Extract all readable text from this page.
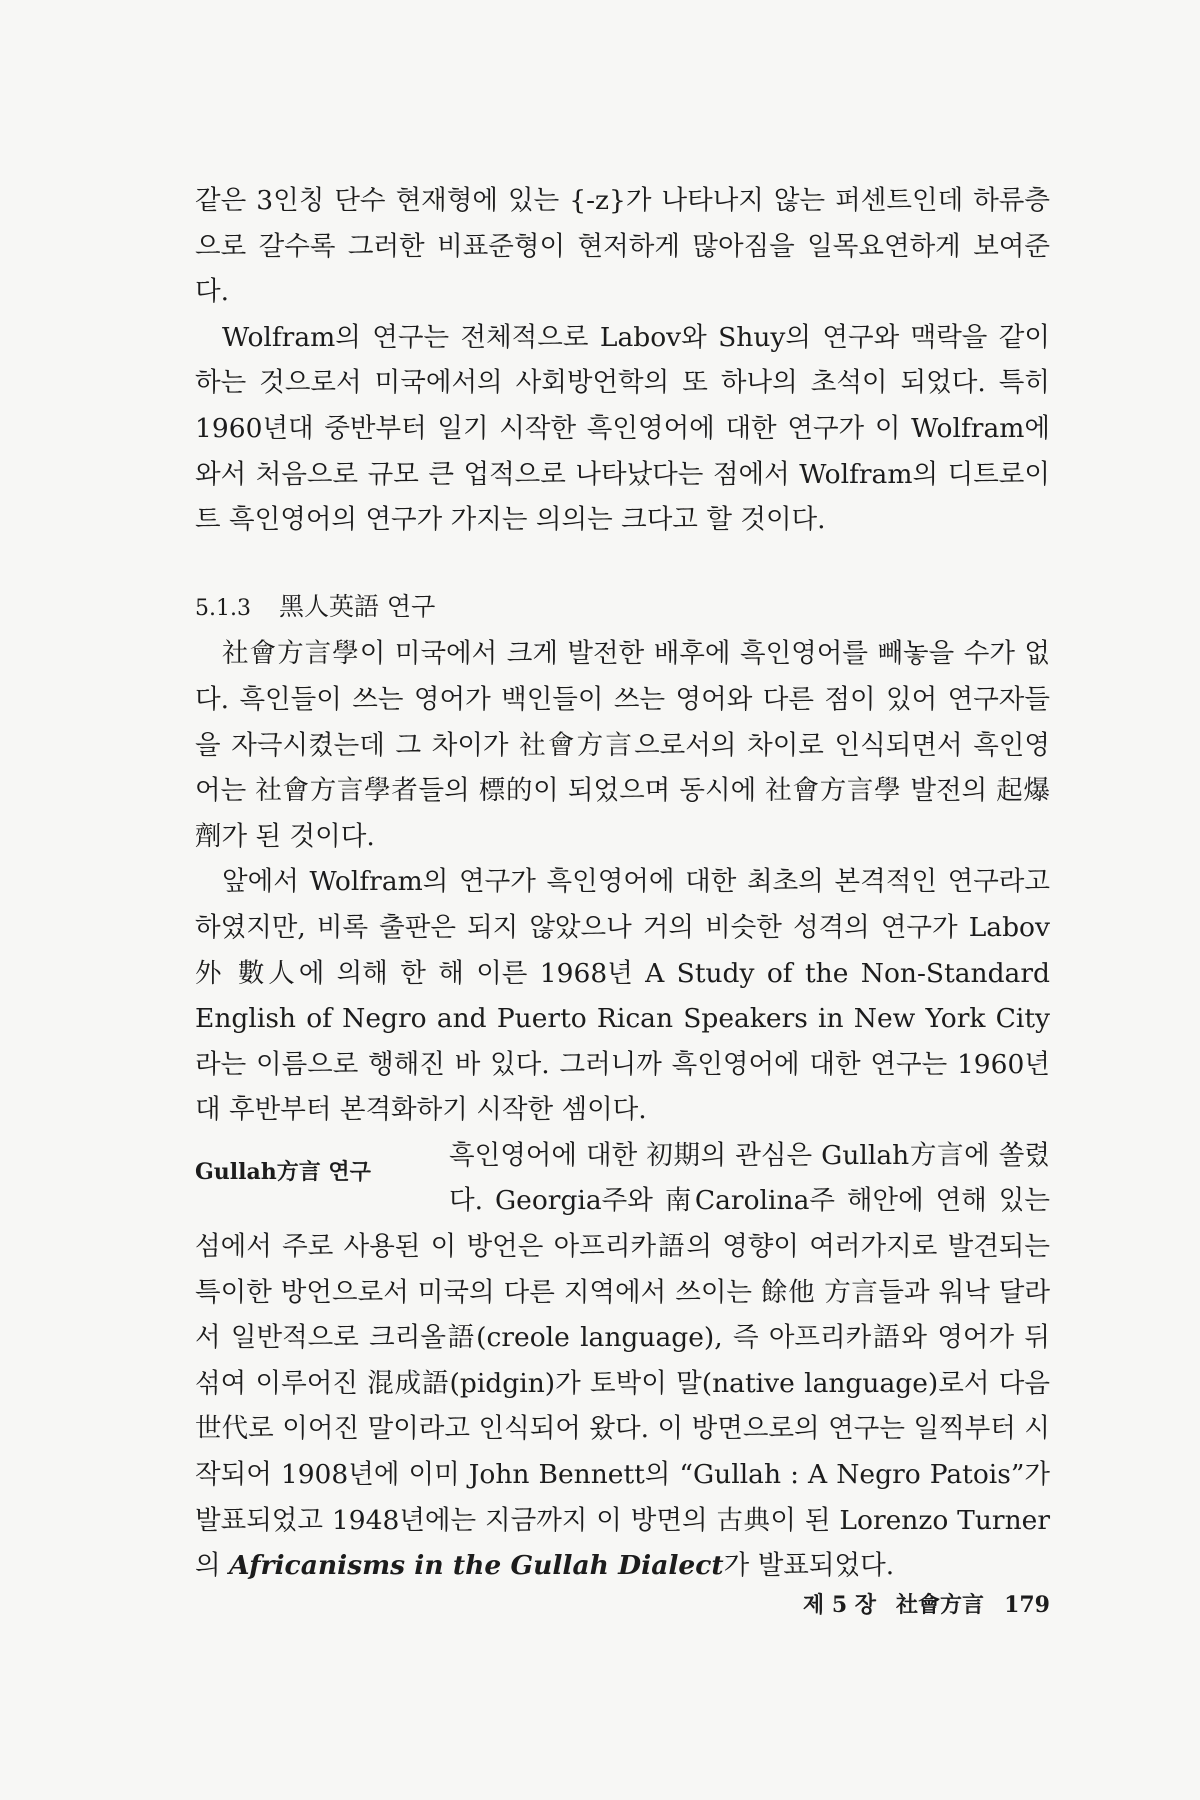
같은 3인칭 단수 현재형에 있는 {-z}가 나타나지 않는 퍼센트인데 하류층으로 갈수록 그러한 비표준형이 현저하게 많아짐을 일목요연하게 보여준다.

Wolfram의 연구는 전체적으로 Labov와 Shuy의 연구와 맥락을 같이하는 것으로서 미국에서의 사회방언학의 또 하나의 초석이 되었다. 특히 1960년대 중반부터 일기 시작한 흑인영어에 대한 연구가 이 Wolfram에 와서 처음으로 규모 큰 업적으로 나타났다는 점에서 Wolfram의 디트로이트 흑인영어의 연구가 가지는 의의는 크다고 할 것이다.

5.1.3 黑人英語 연구

社會方言學이 미국에서 크게 발전한 배후에 흑인영어를 빼놓을 수가 없다. 흑인들이 쓰는 영어가 백인들이 쓰는 영어와 다른 점이 있어 연구자들을 자극시켰는데 그 차이가 社會方言으로서의 차이로 인식되면서 흑인영어는 社會方言學者들의 標的이 되었으며 동시에 社會方言學 발전의 起爆劑가 된 것이다.

앞에서 Wolfram의 연구가 흑인영어에 대한 최초의 본격적인 연구라고 하였지만, 비록 출판은 되지 않았으나 거의 비슷한 성격의 연구가 Labov外 數人에 의해 한 해 이른 1968년 A Study of the Non-Standard English of Negro and Puerto Rican Speakers in New York City라는 이름으로 행해진 바 있다. 그러니까 흑인영어에 대한 연구는 1960년대 후반부터 본격화하기 시작한 셈이다.

Gullah方言 연구

흑인영어에 대한 初期의 관심은 Gullah方言에 쏠렸다. Georgia주와 南Carolina주 해안에 연해 있는 섬에서 주로 사용된 이 방언은 아프리카語의 영향이 여러가지로 발견되는 특이한 방언으로서 미국의 다른 지역에서 쓰이는 餘他 方言들과 워낙 달라서 일반적으로 크리올語(creole language), 즉 아프리카語와 영어가 뒤섞여 이루어진 混成語(pidgin)가 토박이 말(native language)로서 다음 世代로 이어진 말이라고 인식되어 왔다. 이 방면으로의 연구는 일찍부터 시작되어 1908년에 이미 John Bennett의 “Gullah : A Negro Patois”가 발표되었고 1948년에는 지금까지 이 방면의 古典이 된 Lorenzo Turner의 Africanisms in the Gullah Dialect가 발표되었다.

제 5 장 社會方言 179
